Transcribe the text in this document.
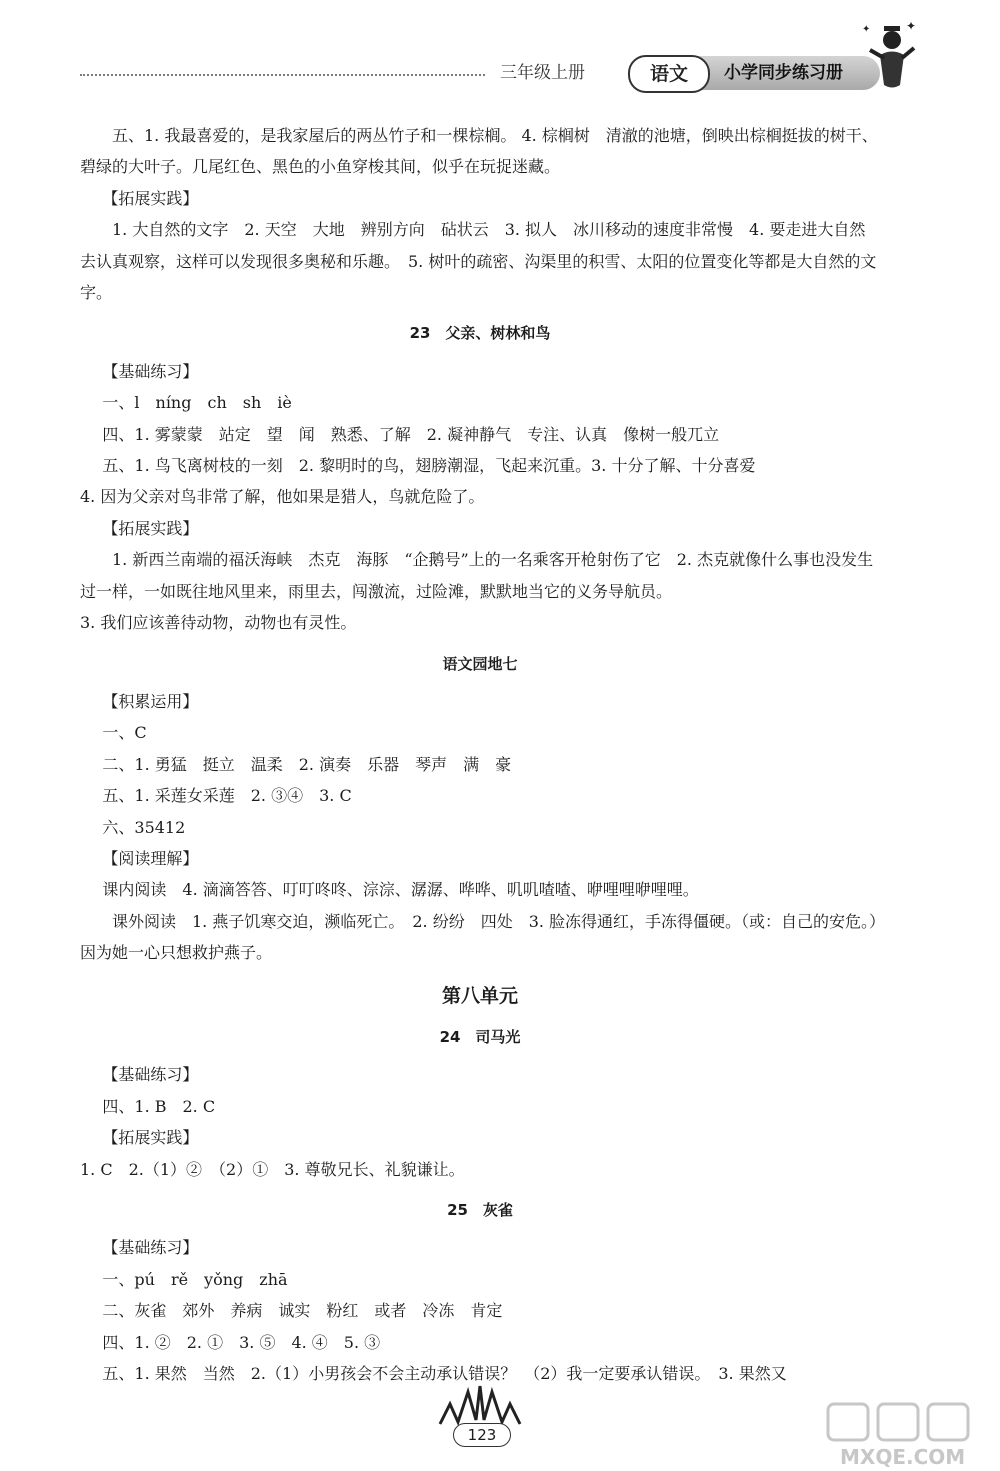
三年级上册	小学同步练习册
语文
✦
✦
五、1. 我最喜爱的，是我家屋后的两丛竹子和一棵棕榈。 4. 棕榈树　清澈的池塘，倒映出棕榈挺拔的树干、碧绿的大叶子。几尾红色、黑色的小鱼穿梭其间，似乎在玩捉迷藏。
【拓展实践】
1. 大自然的文字　2. 天空　大地　辨别方向　砧状云　3. 拟人　冰川移动的速度非常慢　4. 要走进大自然去认真观察，这样可以发现很多奥秘和乐趣。　5. 树叶的疏密、沟渠里的积雪、太阳的位置变化等都是大自然的文字。
23　父亲、树林和鸟
【基础练习】
一、l　níng　ch　sh　iè
四、1. 雾蒙蒙　站定　望　闻　熟悉、了解　2. 凝神静气　专注、认真　像树一般兀立
五、1. 鸟飞离树枝的一刻　2. 黎明时的鸟，翅膀潮湿，飞起来沉重。3. 十分了解、十分喜爱
4. 因为父亲对鸟非常了解，他如果是猎人，鸟就危险了。
【拓展实践】
1. 新西兰南端的福沃海峡　杰克　海豚　“企鹅号”上的一名乘客开枪射伤了它　2. 杰克就像什么事也没发生过一样，一如既往地风里来，雨里去，闯激流，过险滩，默默地当它的义务导航员。
3. 我们应该善待动物，动物也有灵性。
语文园地七
【积累运用】
一、C
二、1. 勇猛　挺立　温柔　2. 演奏　乐器　琴声　满　豪
五、1. 采莲女采莲　2. ③④　3. C
六、35412
【阅读理解】
课内阅读　4. 滴滴答答、叮叮咚咚、淙淙、潺潺、哗哗、叽叽喳喳、咿哩哩咿哩哩。
课外阅读　1. 燕子饥寒交迫，濒临死亡。　2. 纷纷　四处　3. 脸冻得通红，手冻得僵硬。（或：自己的安危。）　因为她一心只想救护燕子。
第八单元
24　司马光
【基础练习】
四、1. B　2. C
【拓展实践】
1. C　2.（1）②　（2）①　3. 尊敬兄长、礼貌谦让。
25　灰雀
【基础练习】
一、pú　rě　yǒng　zhā
二、灰雀　郊外　养病　诚实　粉红　或者　冷冻　肯定
四、1. ②　2. ①　3. ⑤　4. ④　5. ③
五、1. 果然　当然　2.（1）小男孩会不会主动承认错误？　（2）我一定要承认错误。　3. 果然又
123
MXQE.COM
